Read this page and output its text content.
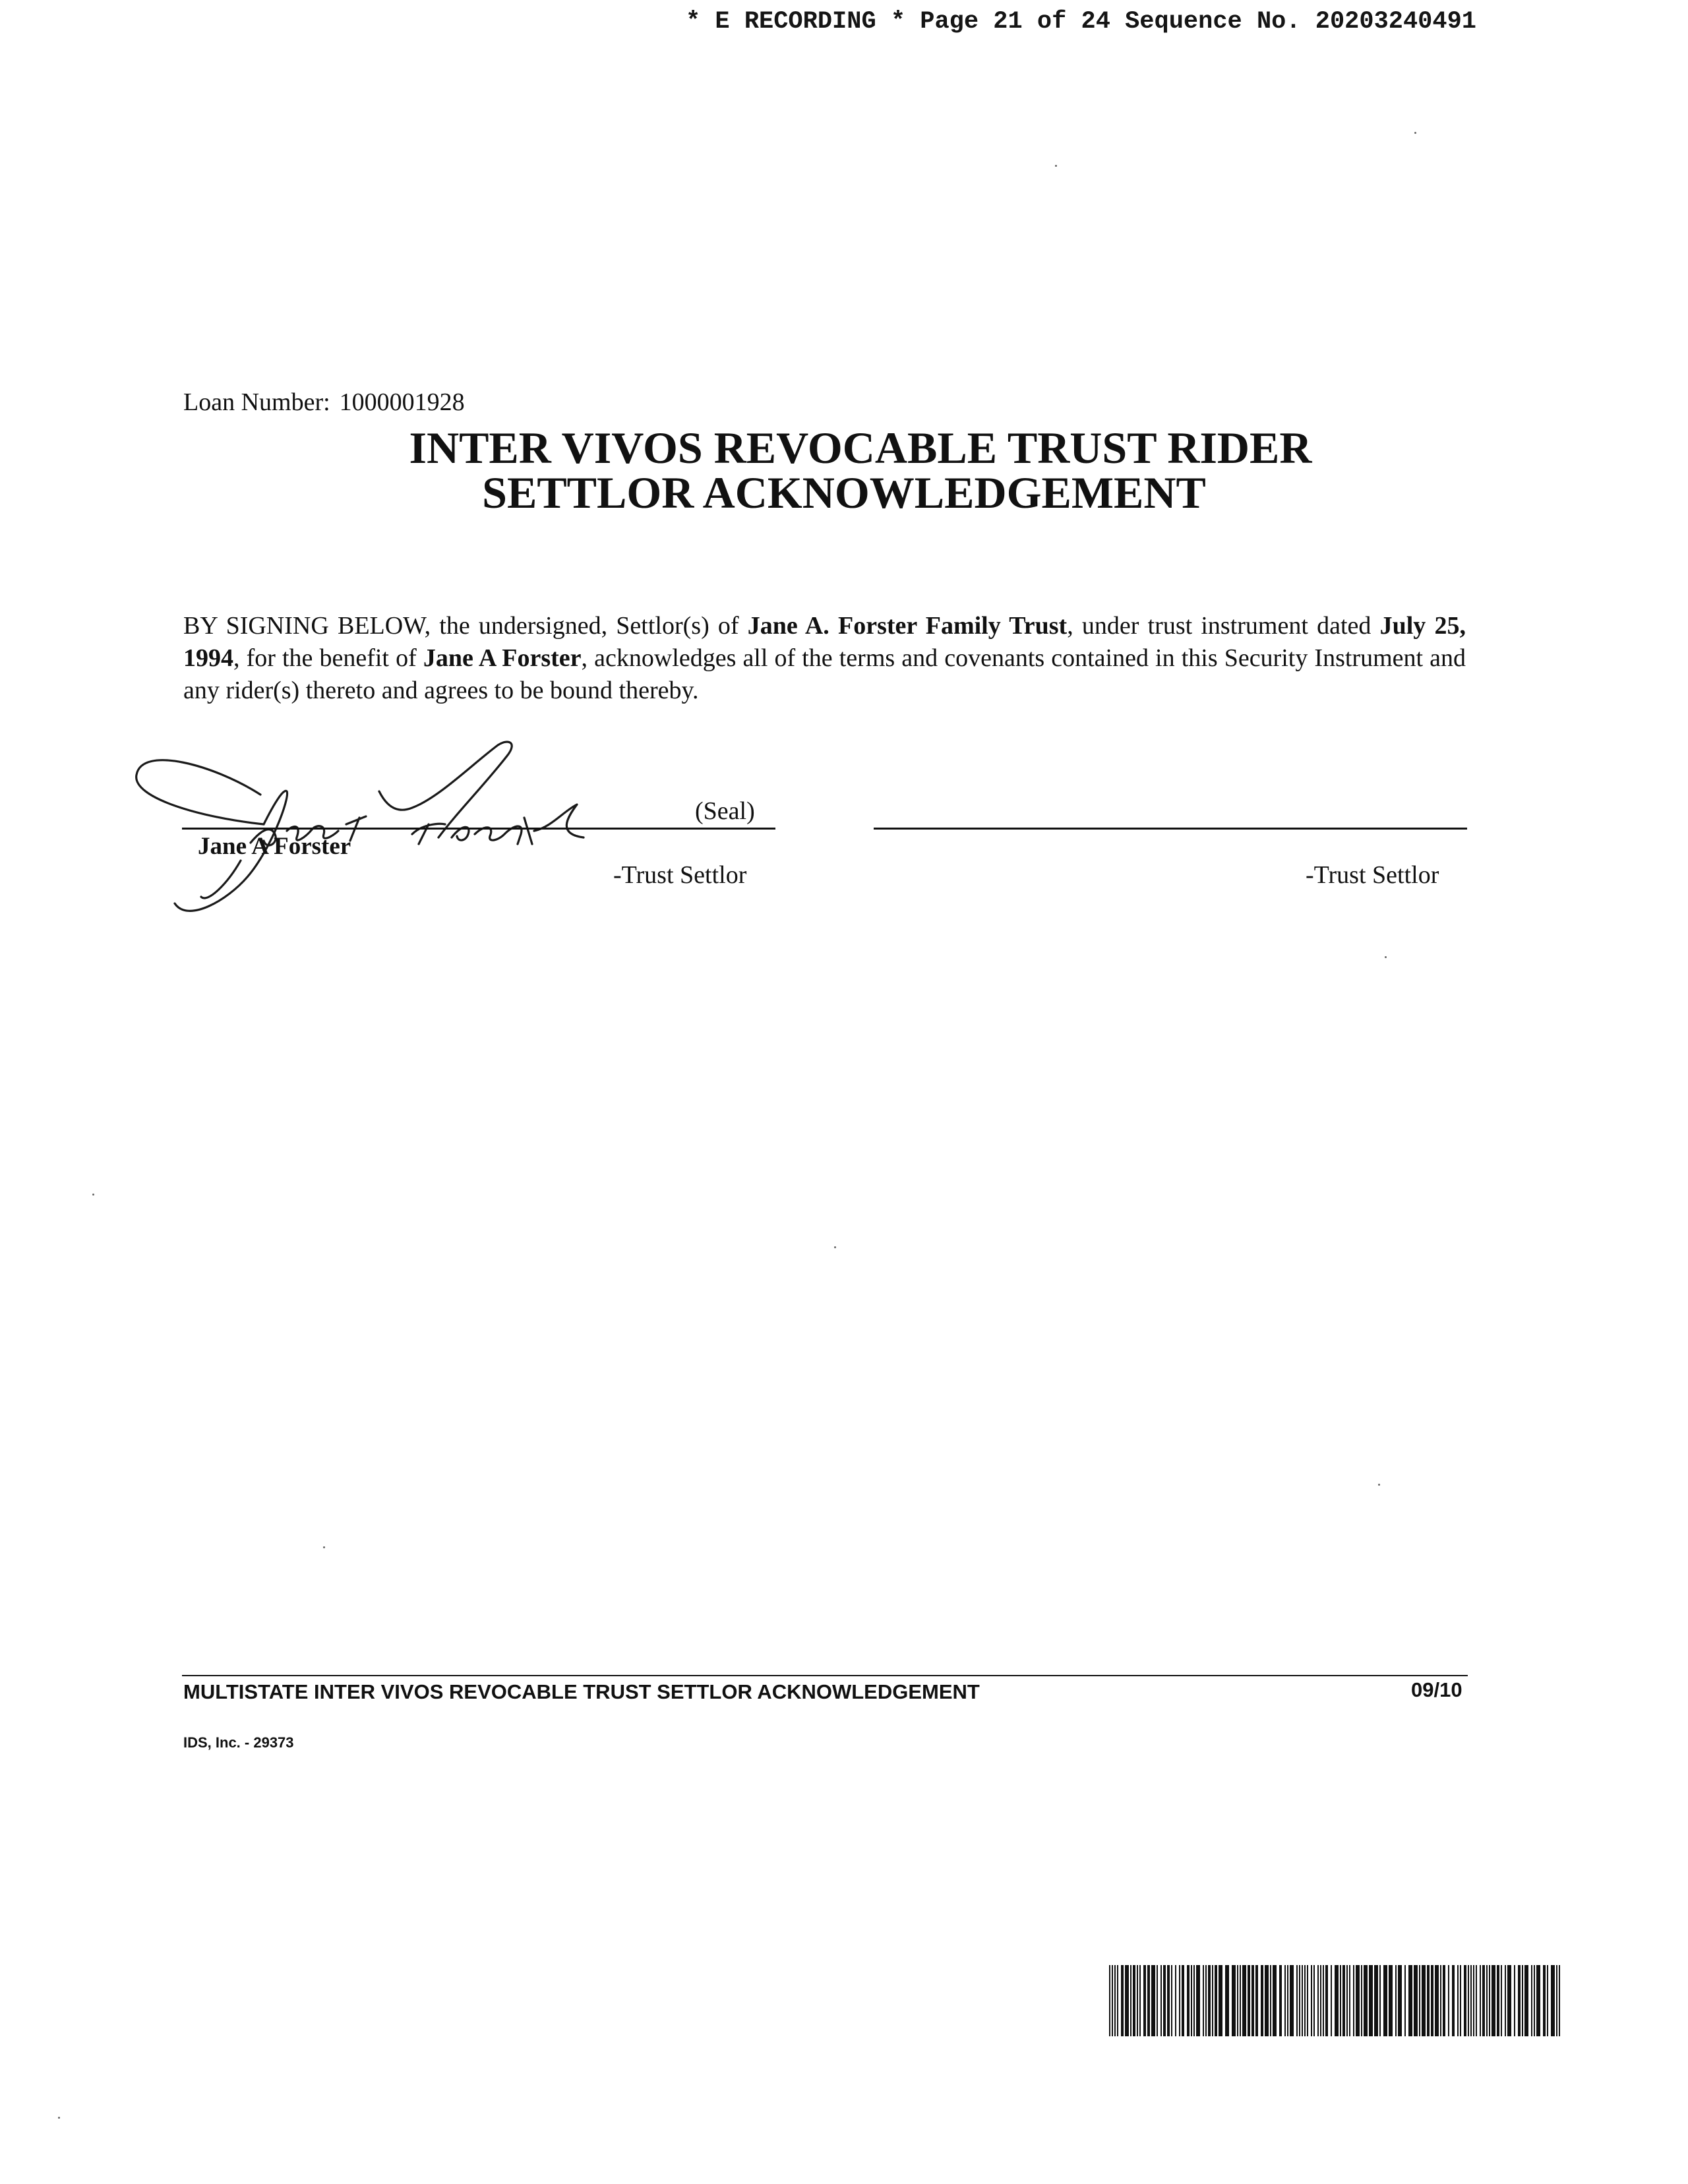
* E RECORDING * Page 21 of 24 Sequence No. 20203240491
Loan Number: 1000001928
INTER VIVOS REVOCABLE TRUST RIDER
SETTLOR ACKNOWLEDGEMENT
BY SIGNING BELOW, the undersigned, Settlor(s) of Jane A. Forster Family Trust, under trust instrument dated July 25, 1994, for the benefit of Jane A Forster, acknowledges all of the terms and covenants contained in this Security Instrument and any rider(s) thereto and agrees to be bound thereby.
(Seal)
Jane A Forster
-Trust Settlor	-Trust Settlor
MULTISTATE INTER VIVOS REVOCABLE TRUST SETTLOR ACKNOWLEDGEMENT	09/10
IDS, Inc. - 29373
